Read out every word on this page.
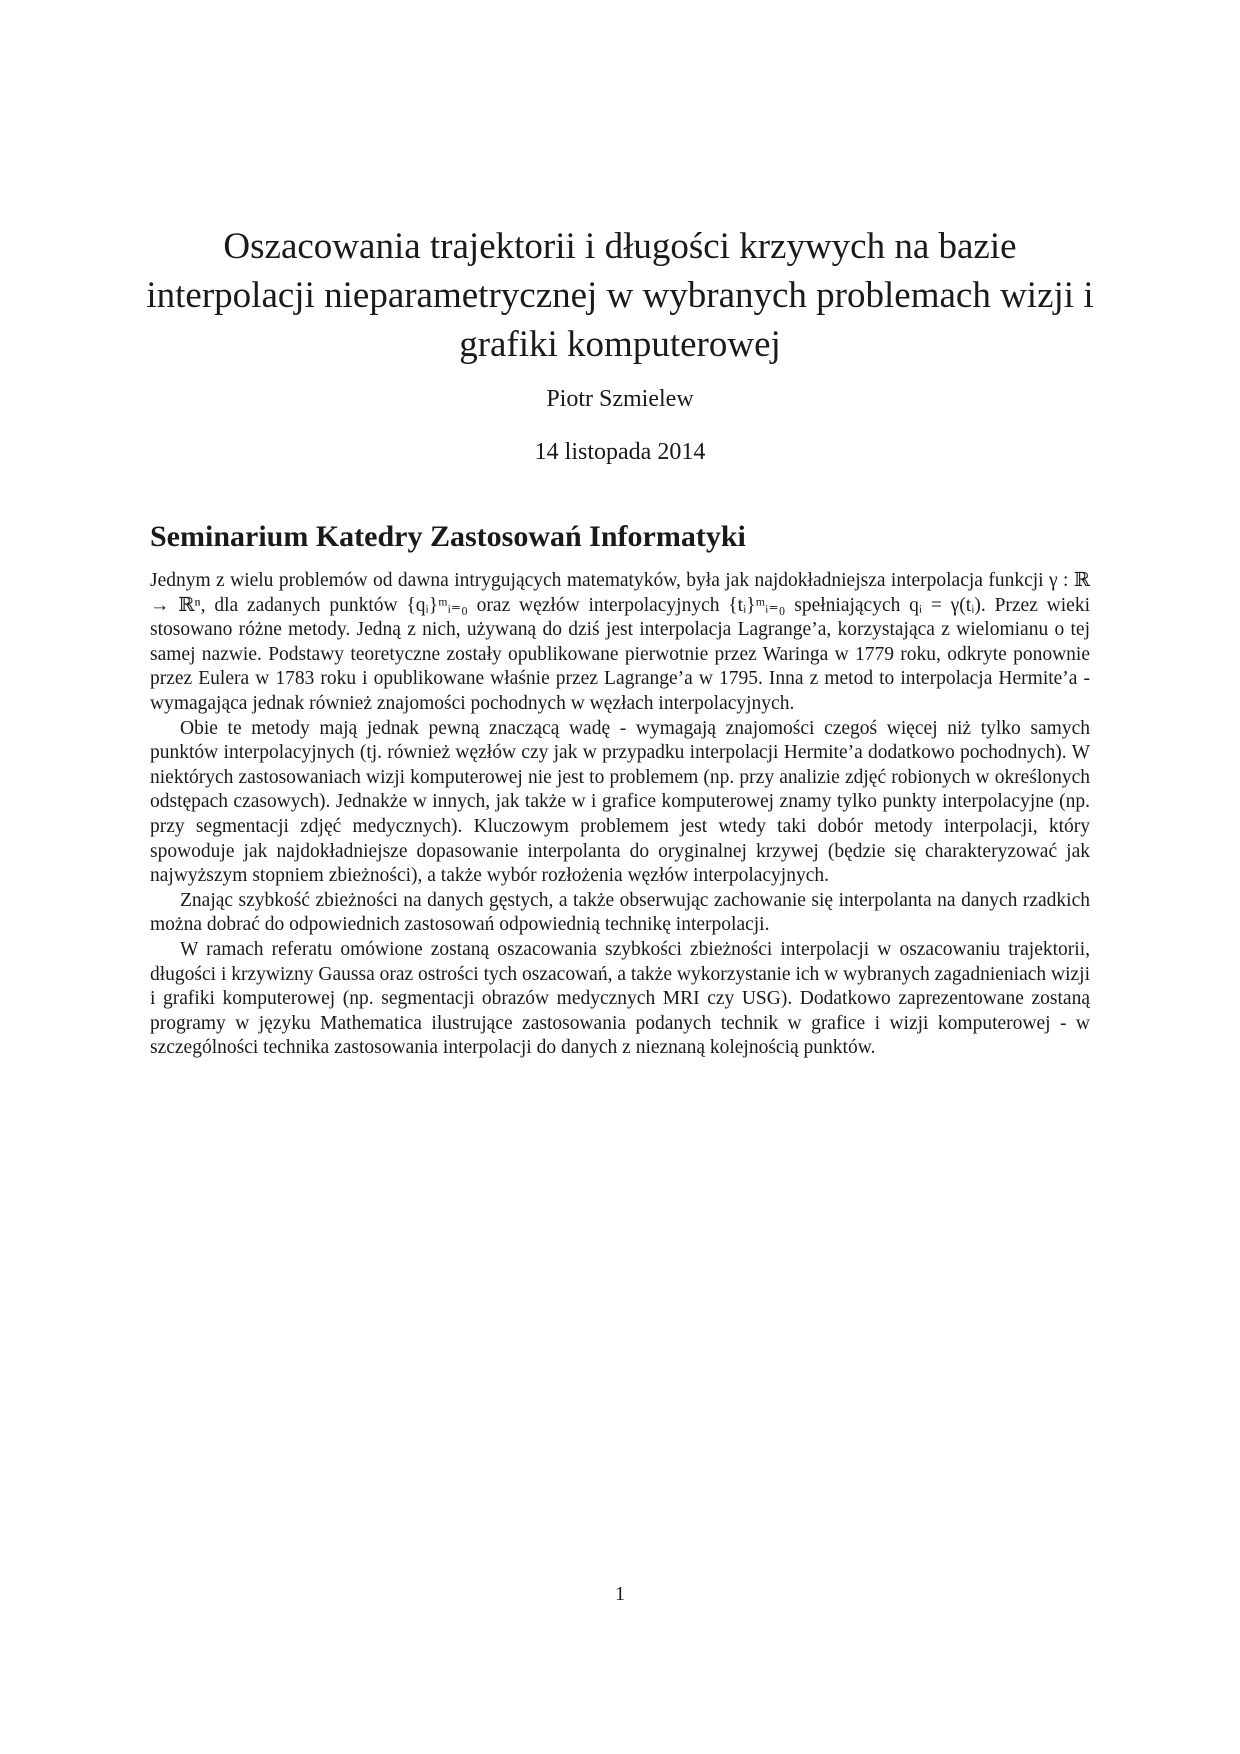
Oszacowania trajektorii i długości krzywych na bazie interpolacji nieparametrycznej w wybranych problemach wizji i grafiki komputerowej
Piotr Szmielew
14 listopada 2014
Seminarium Katedry Zastosowań Informatyki

Jednym z wielu problemów od dawna intrygujących matematyków, była jak najdokładniejsza interpolacja funkcji γ : ℝ → ℝⁿ, dla zadanych punktów {qᵢ}ᵐᵢ₌₀ oraz węzłów interpolacyjnych {tᵢ}ᵐᵢ₌₀ spełniających qᵢ = γ(tᵢ). Przez wieki stosowano różne metody. Jedną z nich, używaną do dziś jest interpolacja Lagrange’a, korzystająca z wielomianu o tej samej nazwie. Podstawy teoretyczne zostały opublikowane pierwotnie przez Waringa w 1779 roku, odkryte ponownie przez Eulera w 1783 roku i opublikowane właśnie przez Lagrange’a w 1795. Inna z metod to interpolacja Hermite’a - wymagająca jednak również znajomości pochodnych w węzłach interpolacyjnych.

Obie te metody mają jednak pewną znaczącą wadę - wymagają znajomości czegoś więcej niż tylko samych punktów interpolacyjnych (tj. również węzłów czy jak w przypadku interpolacji Hermite’a dodatkowo pochodnych). W niektórych zastosowaniach wizji komputerowej nie jest to problemem (np. przy analizie zdjęć robionych w określonych odstępach czasowych). Jednakże w innych, jak także w i grafice komputerowej znamy tylko punkty interpolacyjne (np. przy segmentacji zdjęć medycznych). Kluczowym problemem jest wtedy taki dobór metody interpolacji, który spowoduje jak najdokładniejsze dopasowanie interpolanta do oryginalnej krzywej (będzie się charakteryzować jak najwyższym stopniem zbieżności), a także wybór rozłożenia węzłów interpolacyjnych.

Znając szybkość zbieżności na danych gęstych, a także obserwując zachowanie się interpolanta na danych rzadkich można dobrać do odpowiednich zastosowań odpowiednią technikę interpolacji.

W ramach referatu omówione zostaną oszacowania szybkości zbieżności interpolacji w oszacowaniu trajektorii, długości i krzywizny Gaussa oraz ostrości tych oszacowań, a także wykorzystanie ich w wybranych zagadnieniach wizji i grafiki komputerowej (np. segmentacji obrazów medycznych MRI czy USG). Dodatkowo zaprezentowane zostaną programy w języku Mathematica ilustrujące zastosowania podanych technik w grafice i wizji komputerowej - w szczególności technika zastosowania interpolacji do danych z nieznaną kolejnością punktów.

1
